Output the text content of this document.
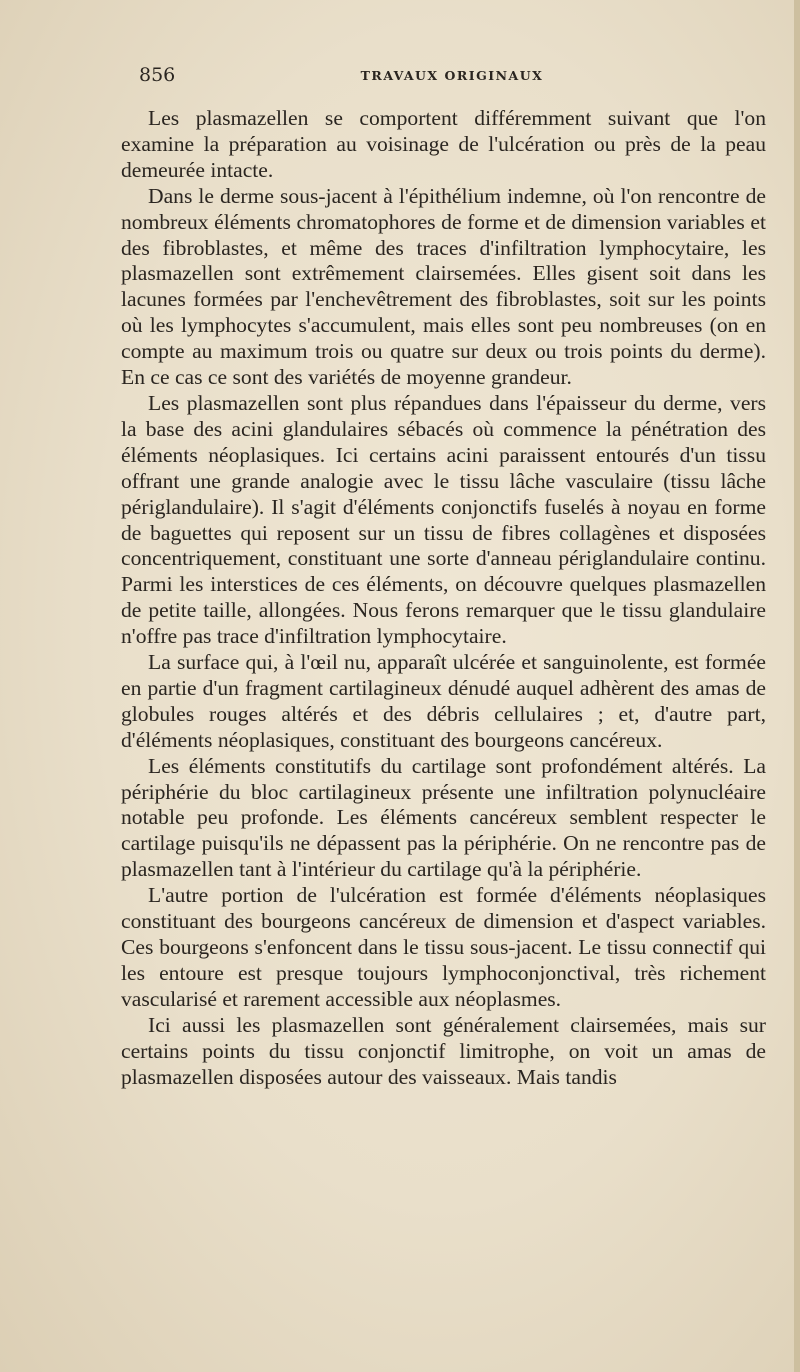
856	TRAVAUX ORIGINAUX

Les plasmazellen se comportent différemment suivant que l'on examine la préparation au voisinage de l'ulcération ou près de la peau demeurée intacte.

Dans le derme sous-jacent à l'épithélium indemne, où l'on rencontre de nombreux éléments chromatophores de forme et de dimension variables et des fibroblastes, et même des traces d'infiltration lymphocytaire, les plasmazellen sont extrêmement clairsemées. Elles gisent soit dans les lacunes formées par l'enchevêtrement des fibroblastes, soit sur les points où les lymphocytes s'accumulent, mais elles sont peu nombreuses (on en compte au maximum trois ou quatre sur deux ou trois points du derme). En ce cas ce sont des variétés de moyenne grandeur.

Les plasmazellen sont plus répandues dans l'épaisseur du derme, vers la base des acini glandulaires sébacés où commence la pénétration des éléments néoplasiques. Ici certains acini paraissent entourés d'un tissu offrant une grande analogie avec le tissu lâche vasculaire (tissu lâche périglandulaire). Il s'agit d'éléments conjonctifs fuselés à noyau en forme de baguettes qui reposent sur un tissu de fibres collagènes et disposées concentriquement, constituant une sorte d'anneau périglandulaire continu. Parmi les interstices de ces éléments, on découvre quelques plasmazellen de petite taille, allongées. Nous ferons remarquer que le tissu glandulaire n'offre pas trace d'infiltration lymphocytaire.

La surface qui, à l'œil nu, apparaît ulcérée et sanguinolente, est formée en partie d'un fragment cartilagineux dénudé auquel adhèrent des amas de globules rouges altérés et des débris cellulaires ; et, d'autre part, d'éléments néoplasiques, constituant des bourgeons cancéreux.

Les éléments constitutifs du cartilage sont profondément altérés. La périphérie du bloc cartilagineux présente une infiltration polynucléaire notable peu profonde. Les éléments cancéreux semblent respecter le cartilage puisqu'ils ne dépassent pas la périphérie. On ne rencontre pas de plasmazellen tant à l'intérieur du cartilage qu'à la périphérie.

L'autre portion de l'ulcération est formée d'éléments néoplasiques constituant des bourgeons cancéreux de dimension et d'aspect variables. Ces bourgeons s'enfoncent dans le tissu sous-jacent. Le tissu connectif qui les entoure est presque toujours lymphoconjonctival, très richement vascularisé et rarement accessible aux néoplasmes.

Ici aussi les plasmazellen sont généralement clairsemées, mais sur certains points du tissu conjonctif limitrophe, on voit un amas de plasmazellen disposées autour des vaisseaux. Mais tandis
